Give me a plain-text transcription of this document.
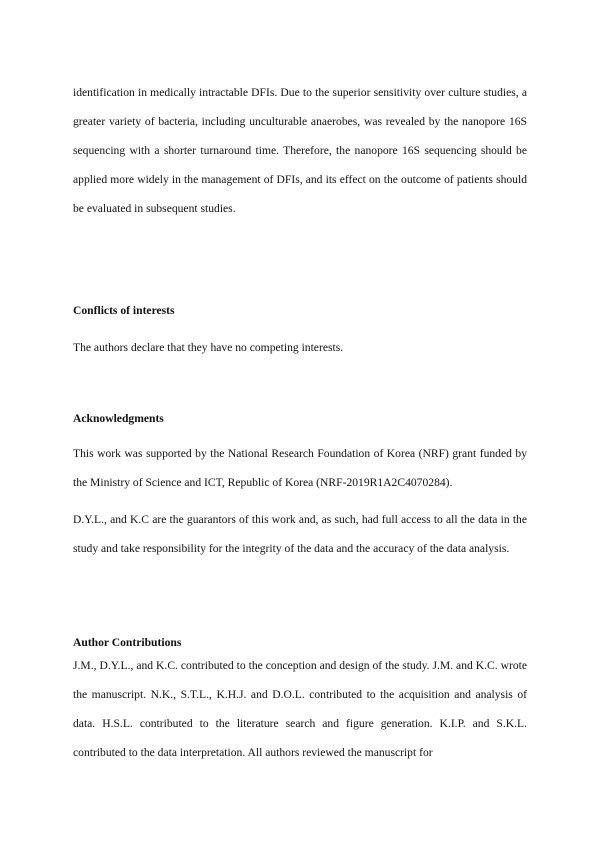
identification in medically intractable DFIs. Due to the superior sensitivity over culture studies, a greater variety of bacteria, including unculturable anaerobes, was revealed by the nanopore 16S sequencing with a shorter turnaround time. Therefore, the nanopore 16S sequencing should be applied more widely in the management of DFIs, and its effect on the outcome of patients should be evaluated in subsequent studies.

Conflicts of interests

The authors declare that they have no competing interests.

Acknowledgments

This work was supported by the National Research Foundation of Korea (NRF) grant funded by the Ministry of Science and ICT, Republic of Korea (NRF-2019R1A2C4070284).

D.Y.L., and K.C are the guarantors of this work and, as such, had full access to all the data in the study and take responsibility for the integrity of the data and the accuracy of the data analysis.

Author Contributions

J.M., D.Y.L., and K.C. contributed to the conception and design of the study. J.M. and K.C. wrote the manuscript. N.K., S.T.L., K.H.J. and D.O.L. contributed to the acquisition and analysis of data. H.S.L. contributed to the literature search and figure generation. K.I.P. and S.K.L. contributed to the data interpretation. All authors reviewed the manuscript for
